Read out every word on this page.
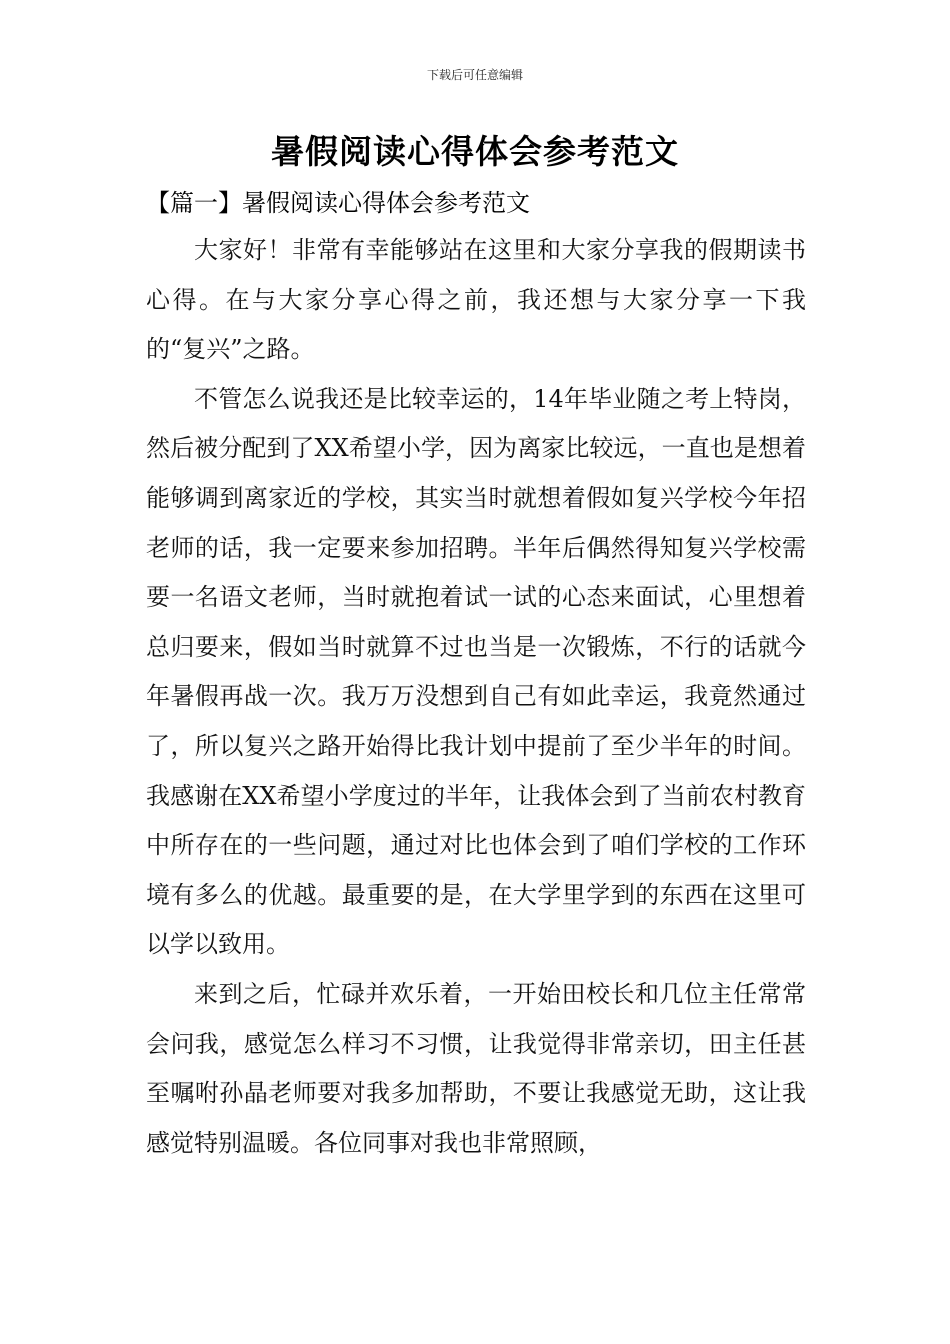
下载后可任意编辑
暑假阅读心得体会参考范文
【篇一】暑假阅读心得体会参考范文

大家好！非常有幸能够站在这里和大家分享我的假期读书心得。在与大家分享心得之前，我还想与大家分享一下我的“复兴”之路。

不管怎么说我还是比较幸运的，14年毕业随之考上特岗，然后被分配到了XX希望小学，因为离家比较远，一直也是想着能够调到离家近的学校，其实当时就想着假如复兴学校今年招老师的话，我一定要来参加招聘。半年后偶然得知复兴学校需要一名语文老师，当时就抱着试一试的心态来面试，心里想着总归要来，假如当时就算不过也当是一次锻炼，不行的话就今年暑假再战一次。我万万没想到自己有如此幸运，我竟然通过了，所以复兴之路开始得比我计划中提前了至少半年的时间。我感谢在XX希望小学度过的半年，让我体会到了当前农村教育中所存在的一些问题，通过对比也体会到了咱们学校的工作环境有多么的优越。最重要的是，在大学里学到的东西在这里可以学以致用。

来到之后，忙碌并欢乐着，一开始田校长和几位主任常常会问我，感觉怎么样习不习惯，让我觉得非常亲切，田主任甚至嘱咐孙晶老师要对我多加帮助，不要让我感觉无助，这让我感觉特别温暖。各位同事对我也非常照顾，
